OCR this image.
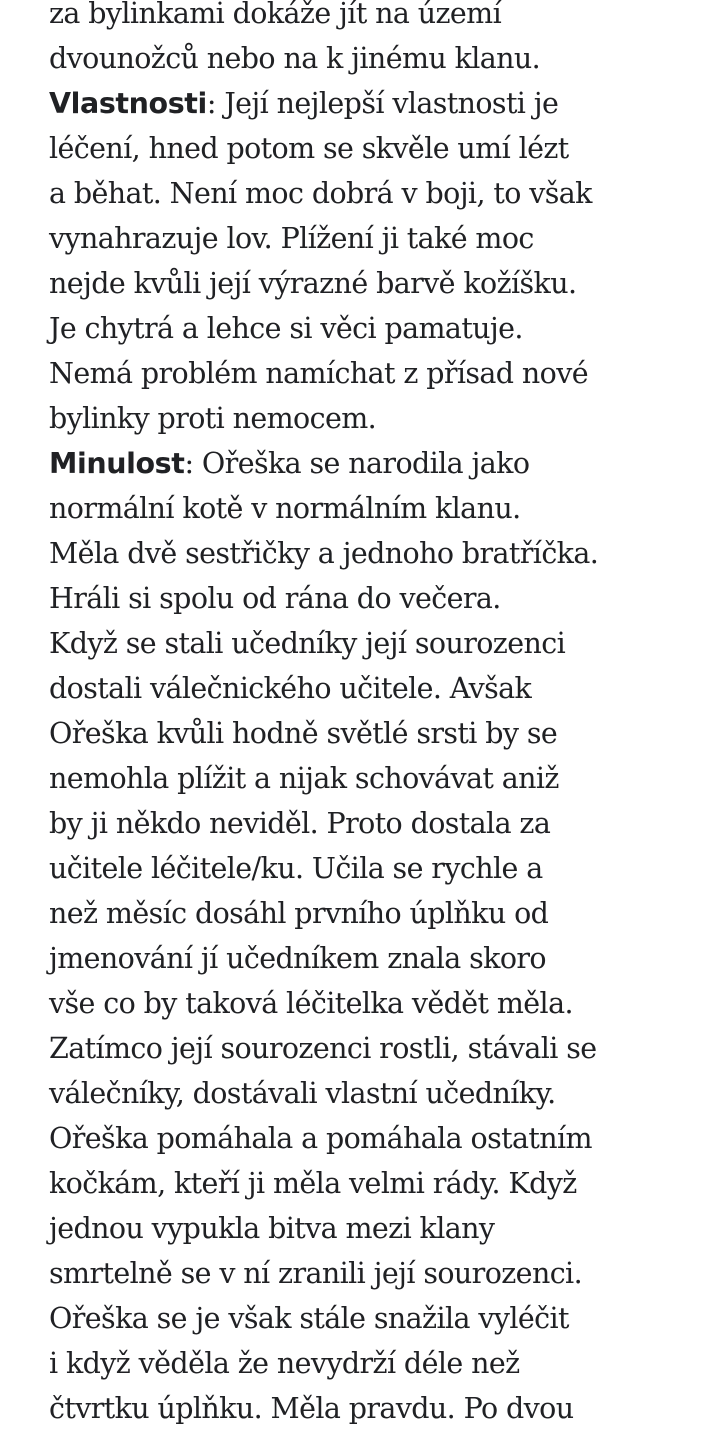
za bylinkami dokáže jít na území
dvounožců nebo na k jinému klanu.
Vlastnosti: Její nejlepší vlastnosti je
léčení, hned potom se skvěle umí lézt
a běhat. Není moc dobrá v boji, to však
vynahrazuje lov. Plížení ji také moc
nejde kvůli její výrazné barvě kožíšku.
Je chytrá a lehce si věci pamatuje.
Nemá problém namíchat z přísad nové
bylinky proti nemocem.
Minulost: Ořeška se narodila jako
normální kotě v normálním klanu.
Měla dvě sestřičky a jednoho bratříčka.
Hráli si spolu od rána do večera.
Když se stali učedníky její sourozenci
dostali válečnického učitele. Avšak
Ořeška kvůli hodně světlé srsti by se
nemohla plížit a nijak schovávat aniž
by ji někdo neviděl. Proto dostala za
učitele léčitele/ku. Učila se rychle a
než měsíc dosáhl prvního úplňku od
jmenování jí učedníkem znala skoro
vše co by taková léčitelka vědět měla.
Zatímco její sourozenci rostli, stávali se
válečníky, dostávali vlastní učedníky.
Ořeška pomáhala a pomáhala ostatním
kočkám, kteří ji měla velmi rády. Když
jednou vypukla bitva mezi klany
smrtelně se v ní zranili její sourozenci.
Ořeška se je však stále snažila vyléčit
i když věděla že nevydrží déle než
čtvrtku úplňku. Měla pravdu. Po dvou
